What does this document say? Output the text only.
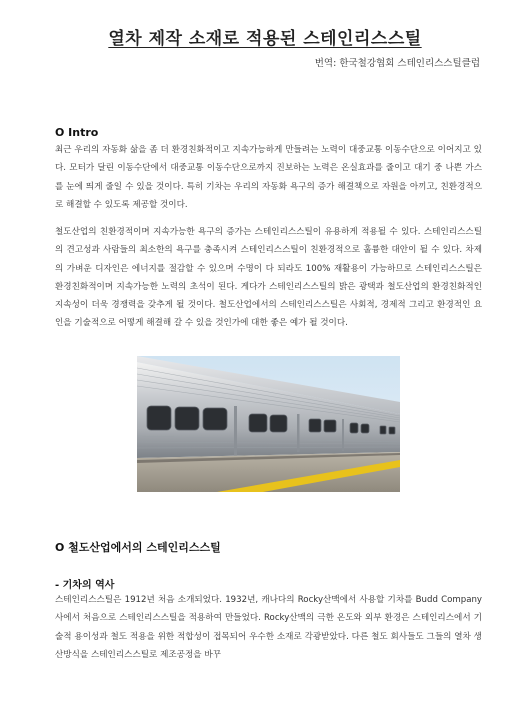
열차 제작 소재로 적용된 스테인리스스틸
번역: 한국철강협회 스테인리스스틸클럽
O Intro
최근 우리의 자동화 삶을 좀 더 환경친화적이고 지속가능하게 만들려는 노력이 대중교통 이동수단으로 이어지고 있다. 모터가 달린 이동수단에서 대중교통 이동수단으로까지 진보하는 노력은 온실효과를 줄이고 대기 중 나쁜 가스를 눈에 띄게 줄일 수 있을 것이다. 특히 기차는 우리의 자동화 욕구의 증가 해결책으로 자원을 아끼고, 친환경적으로 해결할 수 있도록 제공할 것이다.
철도산업의 친환경적이며 지속가능한 욕구의 증가는 스테인리스스틸이 유용하게 적용될 수 있다. 스테인리스스틸의 견고성과 사람들의 최소한의 욕구를 충족시켜 스테인리스스틸이 친환경적으로 훌륭한 대안이 될 수 있다. 차제의 가벼운 디자인은 에너지를 절감할 수 있으며 수명이 다 되라도 100% 재활용이 가능하므로 스테인리스스틸은 환경친화적이며 지속가능한 노력의 초석이 된다. 게다가 스테인리스스틸의 밝은 광택과 철도산업의 환경친화적인 지속성이 더욱 경쟁력을 갖추게 될 것이다. 철도산업에서의 스테인리스스틸은 사회적, 경제적 그리고 환경적인 요인을 기술적으로 어떻게 해결해 갈 수 있을 것인가에 대한 좋은 예가 될 것이다.
O 철도산업에서의 스테인리스스틸
- 기차의 역사
스테인리스스틸은 1912년 처음 소개되었다. 1932년, 캐나다의 Rocky산맥에서 사용할 기차를 Budd Company사에서 처음으로 스테인리스스틸을 적용하여 만들었다. Rocky산맥의 극한 온도와 외부 환경은 스테인리스에서 기술적 용이성과 철도 적용을 위한 적합성이 접목되어 우수한 소재로 각광받았다. 다른 철도 회사들도 그들의 열차 생산방식을 스테인리스스틸로 제조공정을 바꾸
